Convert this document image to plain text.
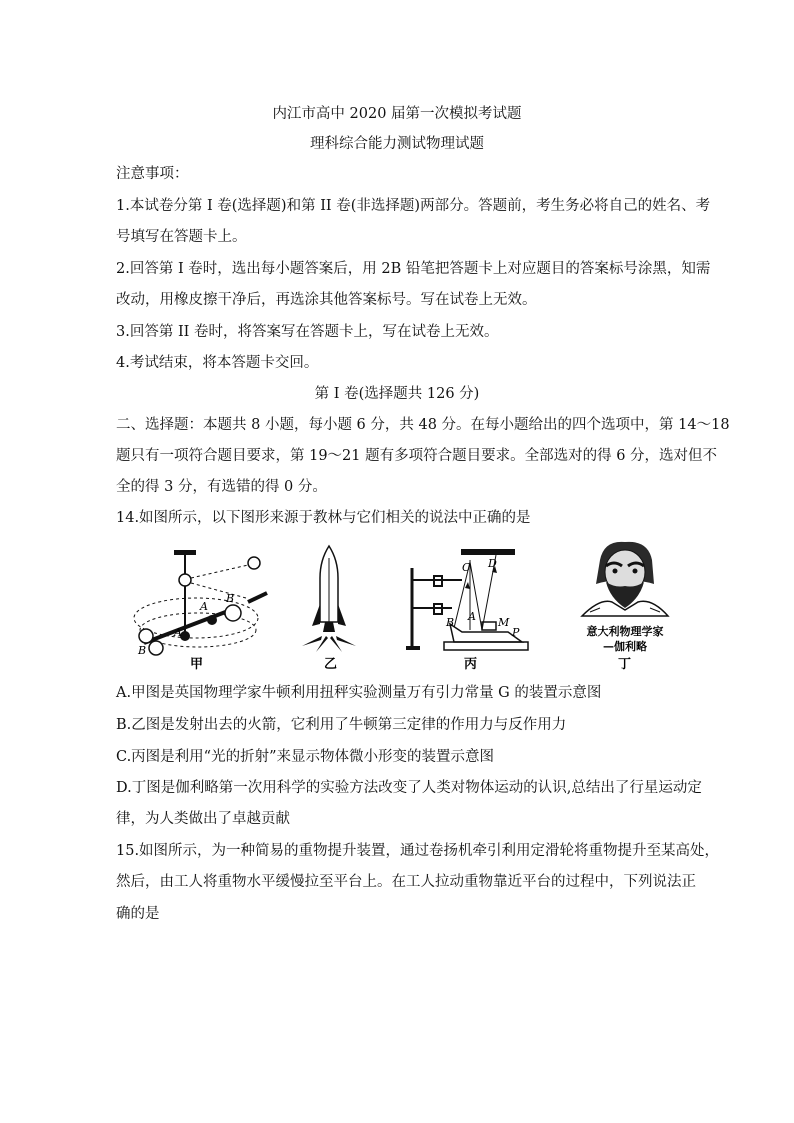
内江市高中 2020 届第一次模拟考试题
理科综合能力测试物理试题
注意事项：
1.本试卷分第 I 卷(选择题)和第 II 卷(非选择题)两部分。答题前，考生务必将自己的姓名、考
号填写在答题卡上。
2.回答第 I 卷时，选出每小题答案后，用 2B 铅笔把答题卡上对应题目的答案标号涂黑，知需
改动，用橡皮擦干净后，再选涂其他答案标号。写在试卷上无效。
3.回答第 II 卷时，将答案写在答题卡上，写在试卷上无效。
4.考试结束，将本答题卡交回。
第 I 卷(选择题共 126 分)
二、选择题：本题共 8 小题，每小题 6 分，共 48 分。在每小题给出的四个选项中，第 14～18
题只有一项符合题目要求，第 19～21 题有多项符合题目要求。全部选对的得 6 分，选对但不
全的得 3 分，有选错的得 0 分。
14.如图所示，以下图形来源于教林与它们相关的说法中正确的是
A
B
B
A
甲	乙
C D
A
B	M
P
丙
意大利物理学家
—伽利略
丁
A.甲图是英国物理学家牛顿利用扭秤实验测量万有引力常量 G 的装置示意图
B.乙图是发射出去的火箭，它利用了牛顿第三定律的作用力与反作用力
C.丙图是利用“光的折射”来显示物体微小形变的装置示意图
D.丁图是伽利略第一次用科学的实验方法改变了人类对物体运动的认识,总结出了行星运动定
律，为人类做出了卓越贡献
15.如图所示，为一种简易的重物提升装置，通过卷扬机牵引利用定滑轮将重物提升至某高处，
然后，由工人将重物水平缓慢拉至平台上。在工人拉动重物靠近平台的过程中，下列说法正
确的是
